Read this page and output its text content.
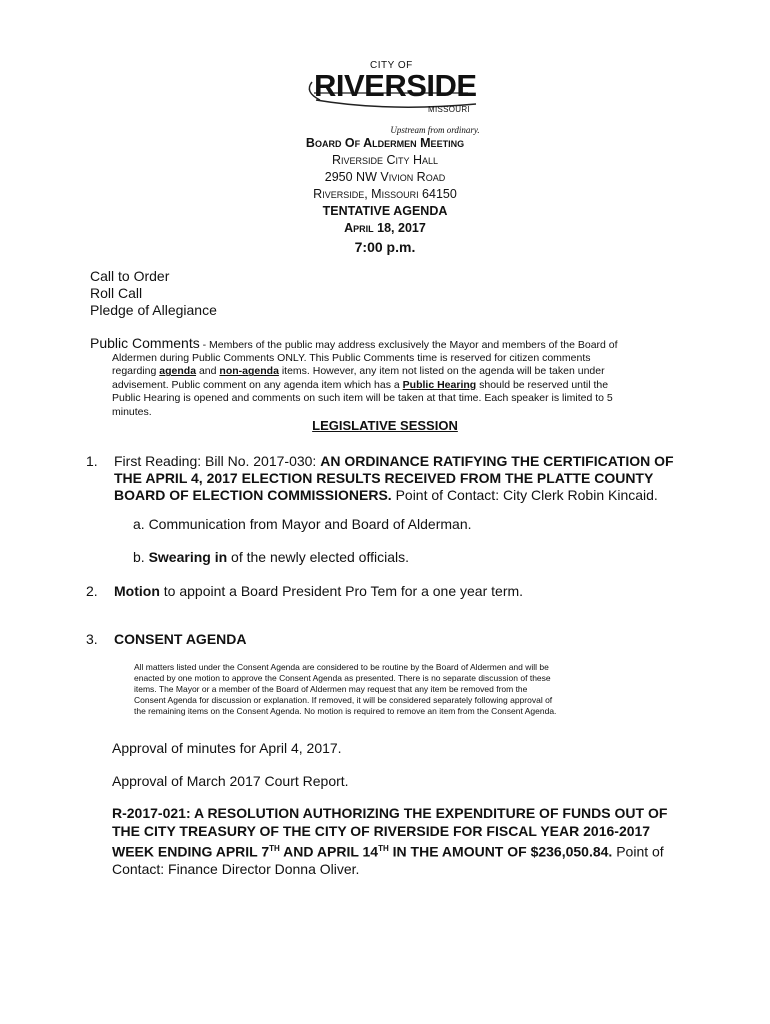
CITY OF
RIVERSIDE
MISSOURI
Upstream from ordinary.
Board Of Aldermen Meeting
Riverside City Hall
2950 NW Vivion Road
Riverside, Missouri 64150
TENTATIVE AGENDA
April 18, 2017
7:00 p.m.
Call to Order
Roll Call
Pledge of Allegiance
Public Comments - Members of the public may address exclusively the Mayor and members of the Board of
Aldermen during Public Comments ONLY. This Public Comments time is reserved for citizen comments
regarding agenda and non-agenda items. However, any item not listed on the agenda will be taken under
advisement. Public comment on any agenda item which has a Public Hearing should be reserved until the
Public Hearing is opened and comments on such item will be taken at that time. Each speaker is limited to 5
minutes.
LEGISLATIVE SESSION
1. First Reading: Bill No. 2017-030: AN ORDINANCE RATIFYING THE CERTIFICATION OF
THE APRIL 4, 2017 ELECTION RESULTS RECEIVED FROM THE PLATTE COUNTY
BOARD OF ELECTION COMMISSIONERS. Point of Contact: City Clerk Robin Kincaid.
a. Communication from Mayor and Board of Alderman.
b. Swearing in of the newly elected officials.
2. Motion to appoint a Board President Pro Tem for a one year term.
3. CONSENT AGENDA
All matters listed under the Consent Agenda are considered to be routine by the Board of Aldermen and will be
enacted by one motion to approve the Consent Agenda as presented. There is no separate discussion of these
items. The Mayor or a member of the Board of Aldermen may request that any item be removed from the
Consent Agenda for discussion or explanation. If removed, it will be considered separately following approval of
the remaining items on the Consent Agenda. No motion is required to remove an item from the Consent Agenda.
Approval of minutes for April 4, 2017.
Approval of March 2017 Court Report.
R-2017-021: A RESOLUTION AUTHORIZING THE EXPENDITURE OF FUNDS OUT OF
THE CITY TREASURY OF THE CITY OF RIVERSIDE FOR FISCAL YEAR 2016-2017
WEEK ENDING APRIL 7TH AND APRIL 14TH IN THE AMOUNT OF $236,050.84. Point of
Contact: Finance Director Donna Oliver.
